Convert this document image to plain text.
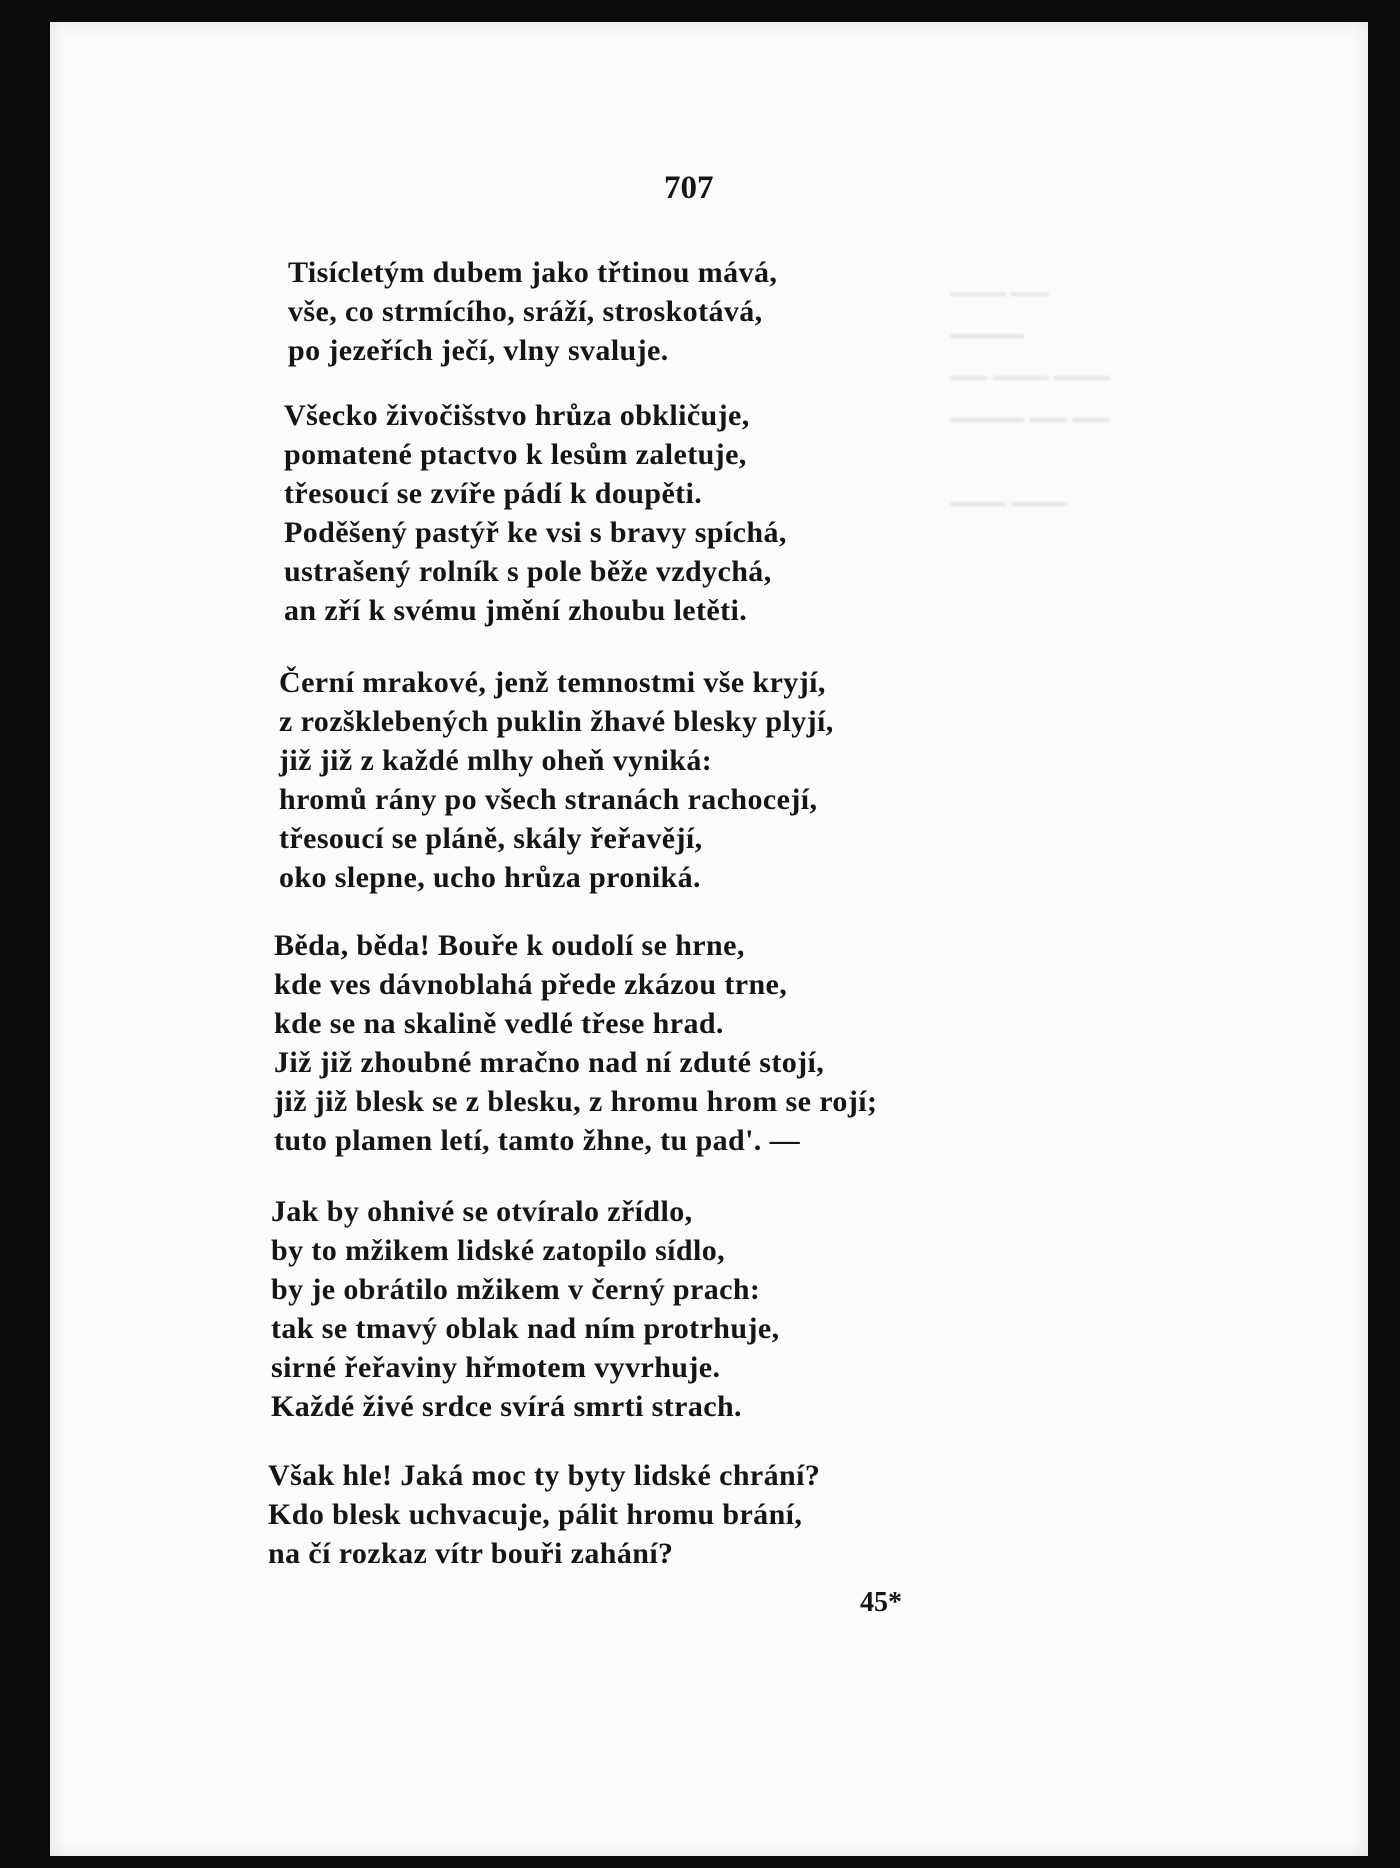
▁▁▁ ▁▁ ▁▁▁▁
▁▁ ▁▁▁ ▁▁▁
▁▁▁▁ ▁▁ ▁▁

▁▁▁ ▁▁▁
707
Tisícletým dubem jako třtinou mává,
vše, co strmícího, sráží, stroskotává,
po jezeřích ječí, vlny svaluje.
Všecko živočišstvo hrůza obkličuje,
pomatené ptactvo k lesům zaletuje,
třesoucí se zvíře pádí k doupěti.
Poděšený pastýř ke vsi s bravy spíchá,
ustrašený rolník s pole běže vzdychá,
an zří k svému jmění zhoubu letěti.
Černí mrakové, jenž temnostmi vše kryjí,
z rozšklebených puklin žhavé blesky plyjí,
již již z každé mlhy oheň vyniká:
hromů rány po všech stranách rachocejí,
třesoucí se pláně, skály řeřavějí,
oko slepne, ucho hrůza proniká.
Běda, běda! Bouře k oudolí se hrne,
kde ves dávnoblahá přede zkázou trne,
kde se na skalině vedlé třese hrad.
Již již zhoubné mračno nad ní zduté stojí,
již již blesk se z blesku, z hromu hrom se rojí;
tuto plamen letí, tamto žhne, tu pad'. —
Jak by ohnivé se otvíralo zřídlo,
by to mžikem lidské zatopilo sídlo,
by je obrátilo mžikem v černý prach:
tak se tmavý oblak nad ním protrhuje,
sirné řeřaviny hřmotem vyvrhuje.
Každé živé srdce svírá smrti strach.
Však hle! Jaká moc ty byty lidské chrání?
Kdo blesk uchvacuje, pálit hromu brání,
na čí rozkaz vítr bouři zahání?
45*
